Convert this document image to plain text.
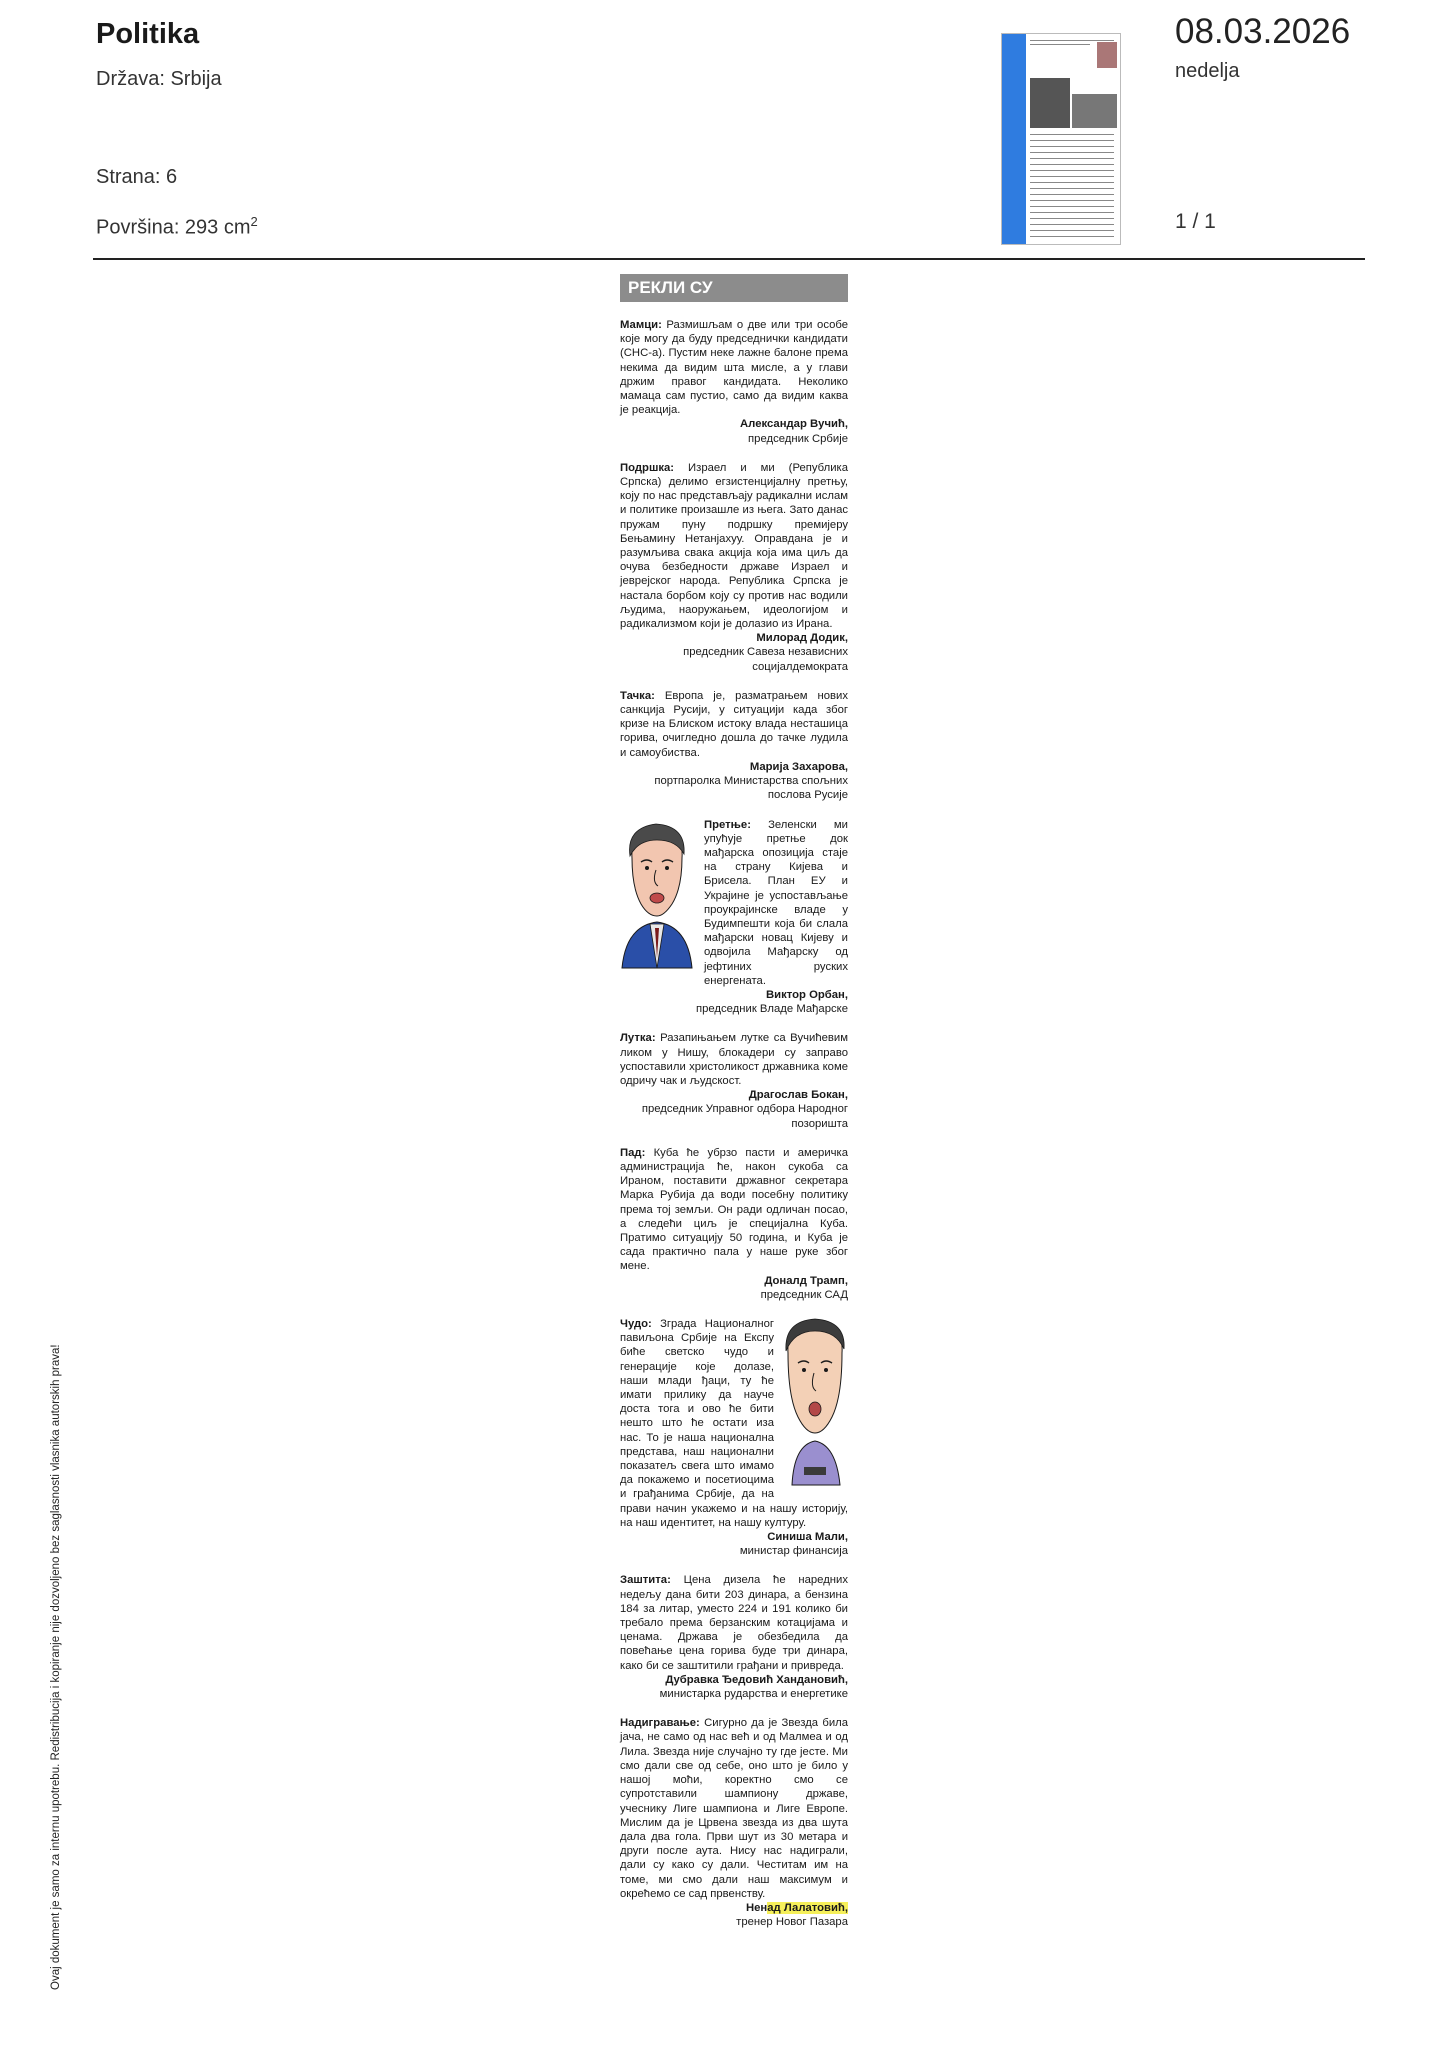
Politika
Država: Srbija
Strana: 6
Površina: 293 $cm^2$
08.03.2026
nedelja
1 / 1
РЕКЛИ СУ
Мамци: Размишљам о две или три особе које могу да буду председнички кандидати (СНС-а). Пустим неке лажне балоне према некима да видим шта мисле, а у глави држим правог кандидата. Неколико мамаца сам пустио, само да видим каква је реакција.
Александар Вучић,
председник Србије
Подршка: Израел и ми (Република Српска) делимо егзистенцијалну претњу, коју по нас представљају радикални ислам и политике произашле из њега. Зато данас пружам пуну подршку премијеру Бењамину Нетанјахуу. Оправдана је и разумљива свака акција која има циљ да очува безбедности државе Израел и јеврејског народа. Република Српска је настала борбом коју су против нас водили људима, наоружањем, идеологијом и радикализмом који је долазио из Ирана.
Милорад Додик,
председник Савеза независних социјалдемократа
Тачка: Европа је, разматрањем нових санкција Русији, у ситуацији када због кризе на Блиском истоку влада несташица горива, очигледно дошла до тачке лудила и самоубиства.
Марија Захарова,
портпаролка Министарства спољних послова Русије
Претње: Зеленски ми упућује претње док мађарска опозиција стаје на страну Кијева и Брисела. План ЕУ и Украјине је успостављање проукрајинске владе у Будимпешти која би слала мађарски новац Кијеву и одвојила Мађарску од јефтиних руских енергената.
Виктор Орбан,
председник Владе Мађарске
Лутка: Разапињањем лутке са Вучићевим ликом у Нишу, блокадери су заправо успоставили христоликост државника коме одричу чак и људскост.
Драгослав Бокан,
председник Управног одбора Народног позоришта
Пад: Куба ће убрзо пасти и америчка администрација ће, након сукоба са Ираном, поставити државног секретара Марка Рубија да води посебну политику према тој земљи. Он ради одличан посао, а следећи циљ је специјална Куба. Пратимо ситуацију 50 година, и Куба је сада практично пала у наше руке због мене.
Доналд Трамп,
председник САД
Чудо: Зграда Националног павиљона Србије на Експу биће светско чудо и генерације које долазе, наши млади ђаци, ту ће имати прилику да науче доста тога и ово ће бити нешто што ће остати иза нас. То је наша национална представа, наш национални показатељ свега што имамо да покажемо и посетиоцима и грађанима Србије, да на прави начин укажемо и на нашу историју, на наш идентитет, на нашу културу.
Синиша Мали,
министар финансија
Заштита: Цена дизела ће наредних недељу дана бити 203 динара, а бензина 184 за литар, уместо 224 и 191 колико би требало према берзанским котацијама и ценама. Држава је обезбедила да повећање цена горива буде три динара, како би се заштитили грађани и привреда.
Дубравка Ђедовић Хандановић,
министарка рударства и енергетике
Надигравање: Сигурно да је Звезда била јача, не само од нас већ и од Малмеа и од Лила. Звезда није случајно ту где јесте. Ми смо дали све од себе, оно што је било у нашој моћи, коректно смо се супротставили шампиону државе, учеснику Лиге шампиона и Лиге Европе. Мислим да је Црвена звезда из два шута дала два гола. Први шут из 30 метара и други после аута. Нису нас надиграли, дали су како су дали. Честитам им на томе, ми смо дали наш максимум и окрећемо се сад првенству.
Ненад Лалатовић,
тренер Новог Пазара
Ovaj dokument je samo za internu upotrebu. Redistribucija i kopiranje nije dozvoljeno bez saglasnosti vlasnika autorskih prava!
